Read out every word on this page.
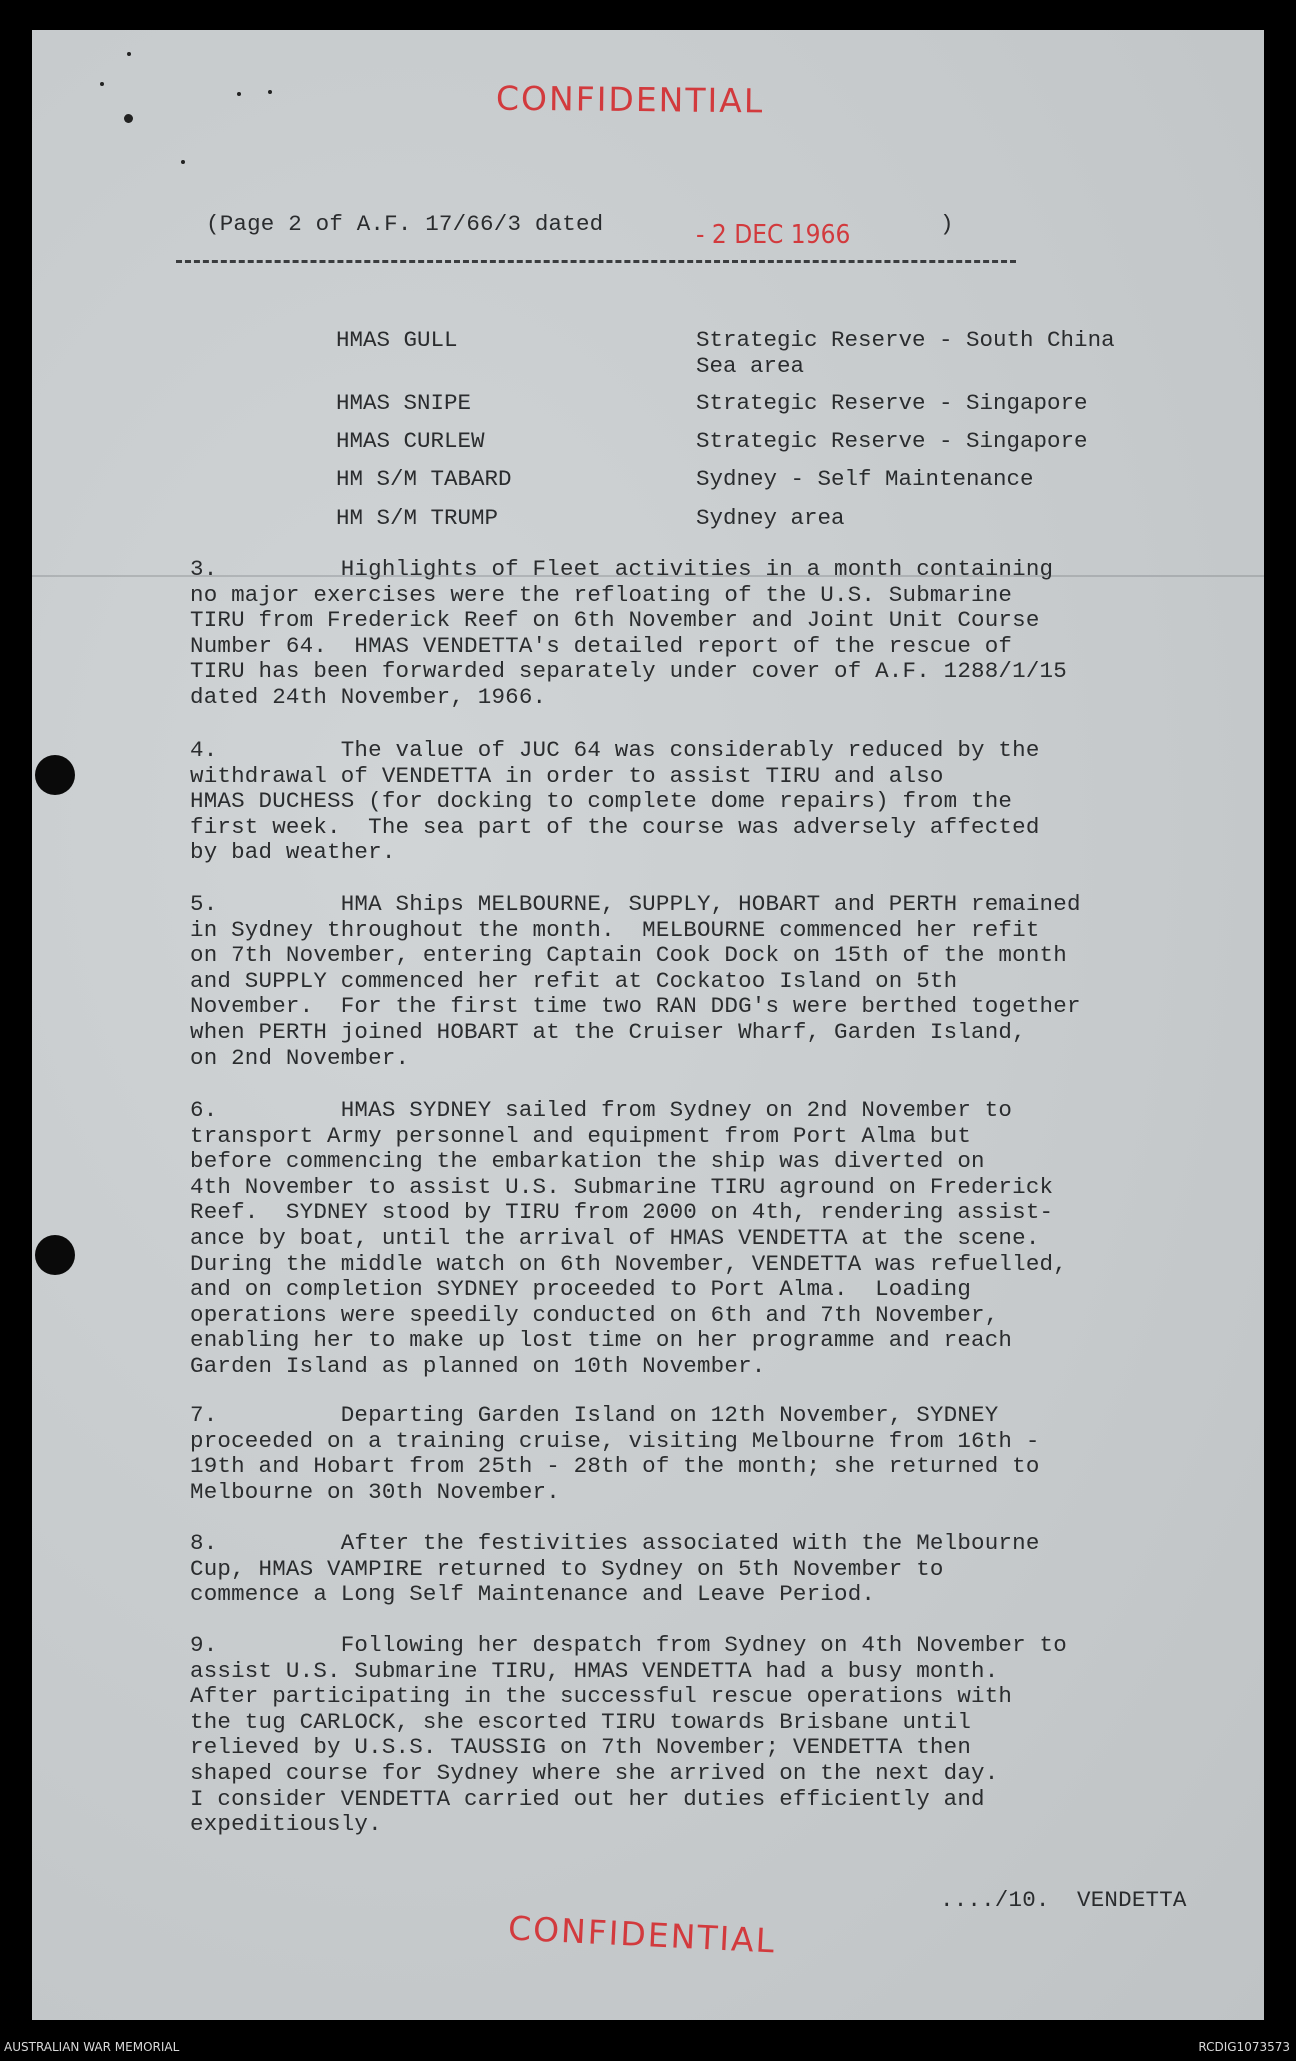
CONFIDENTIAL
(Page 2 of A.F. 17/66/3 dated	- 2 DEC 1966	)
HMAS GULL	Strategic Reserve - South China
Sea area
HMAS SNIPE	Strategic Reserve - Singapore
HMAS CURLEW	Strategic Reserve - Singapore
HM S/M TABARD	Sydney - Self Maintenance
HM S/M TRUMP	Sydney area
3.         Highlights of Fleet activities in a month containing
no major exercises were the refloating of the U.S. Submarine
TIRU from Frederick Reef on 6th November and Joint Unit Course
Number 64.  HMAS VENDETTA's detailed report of the rescue of
TIRU has been forwarded separately under cover of A.F. 1288/1/15
dated 24th November, 1966.
4.         The value of JUC 64 was considerably reduced by the
withdrawal of VENDETTA in order to assist TIRU and also
HMAS DUCHESS (for docking to complete dome repairs) from the
first week.  The sea part of the course was adversely affected
by bad weather.
5.         HMA Ships MELBOURNE, SUPPLY, HOBART and PERTH remained
in Sydney throughout the month.  MELBOURNE commenced her refit
on 7th November, entering Captain Cook Dock on 15th of the month
and SUPPLY commenced her refit at Cockatoo Island on 5th
November.  For the first time two RAN DDG's were berthed together
when PERTH joined HOBART at the Cruiser Wharf, Garden Island,
on 2nd November.
6.         HMAS SYDNEY sailed from Sydney on 2nd November to
transport Army personnel and equipment from Port Alma but
before commencing the embarkation the ship was diverted on
4th November to assist U.S. Submarine TIRU aground on Frederick
Reef.  SYDNEY stood by TIRU from 2000 on 4th, rendering assist-
ance by boat, until the arrival of HMAS VENDETTA at the scene.
During the middle watch on 6th November, VENDETTA was refuelled,
and on completion SYDNEY proceeded to Port Alma.  Loading
operations were speedily conducted on 6th and 7th November,
enabling her to make up lost time on her programme and reach
Garden Island as planned on 10th November.
7.         Departing Garden Island on 12th November, SYDNEY
proceeded on a training cruise, visiting Melbourne from 16th -
19th and Hobart from 25th - 28th of the month; she returned to
Melbourne on 30th November.
8.         After the festivities associated with the Melbourne
Cup, HMAS VAMPIRE returned to Sydney on 5th November to
commence a Long Self Maintenance and Leave Period.
9.         Following her despatch from Sydney on 4th November to
assist U.S. Submarine TIRU, HMAS VENDETTA had a busy month.
After participating in the successful rescue operations with
the tug CARLOCK, she escorted TIRU towards Brisbane until
relieved by U.S.S. TAUSSIG on 7th November; VENDETTA then
shaped course for Sydney where she arrived on the next day.
I consider VENDETTA carried out her duties efficiently and
expeditiously.
..../10.  VENDETTA
CONFIDENTIAL
AUSTRALIAN WAR MEMORIAL	RCDIG1073573
